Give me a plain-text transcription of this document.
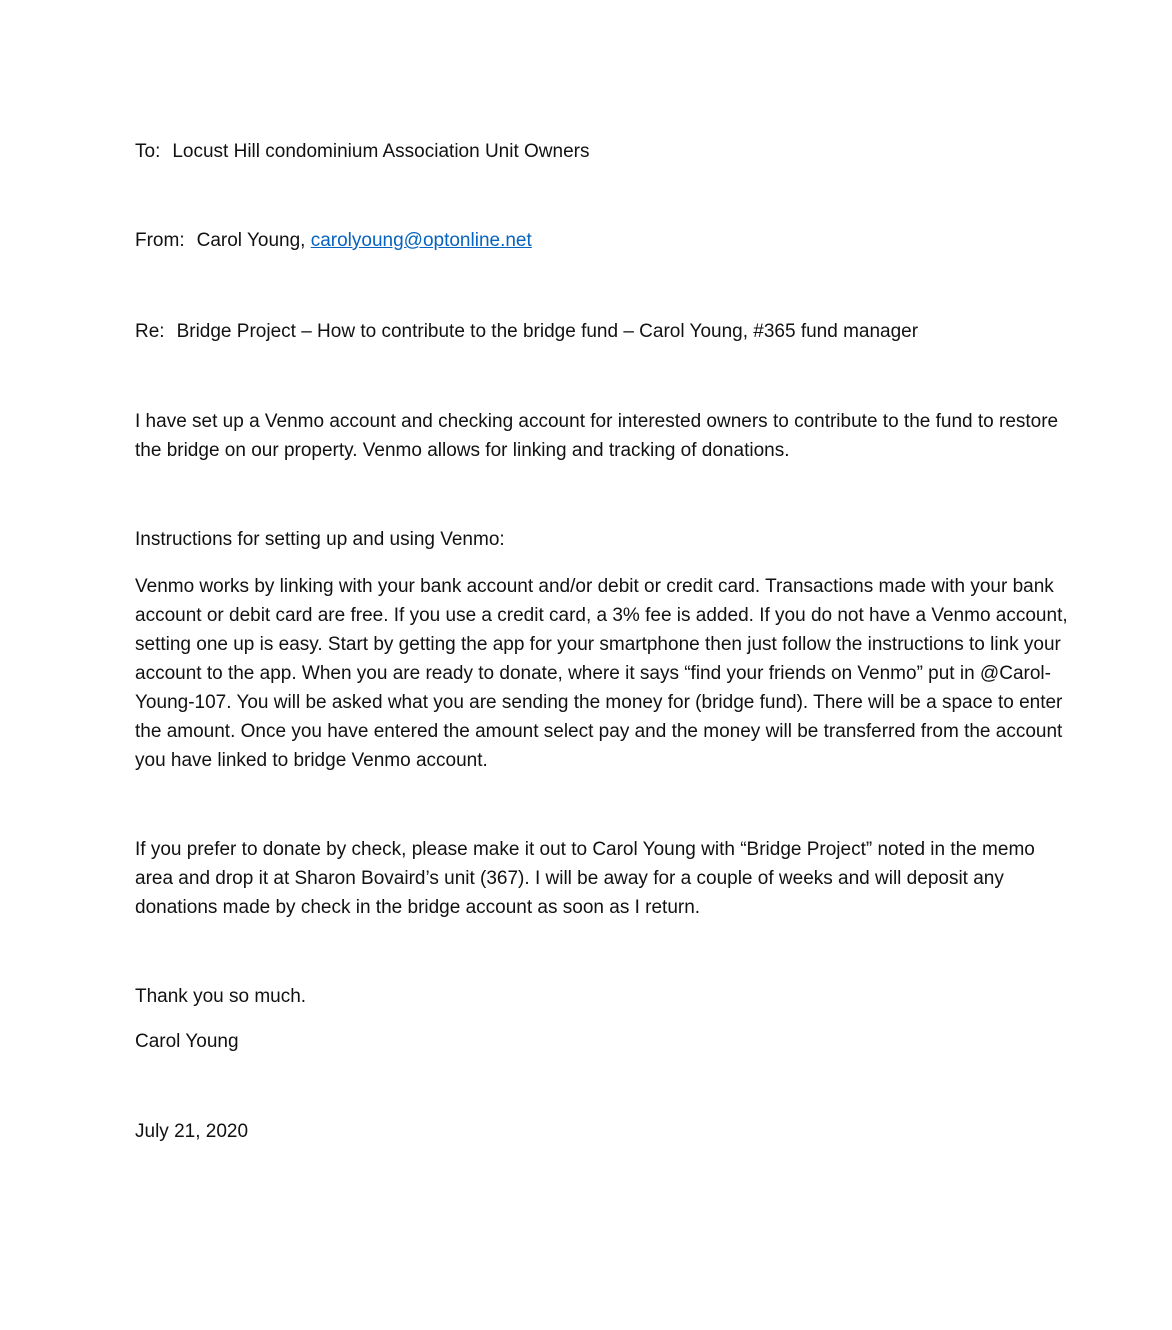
To: Locust Hill condominium Association Unit Owners
From: Carol Young, carolyoung@optonline.net
Re: Bridge Project – How to contribute to the bridge fund – Carol Young, #365 fund manager

I have set up a Venmo account and checking account for interested owners to contribute to the fund to restore the bridge on our property. Venmo allows for linking and tracking of donations.

Instructions for setting up and using Venmo:

Venmo works by linking with your bank account and/or debit or credit card. Transactions made with your bank account or debit card are free. If you use a credit card, a 3% fee is added. If you do not have a Venmo account, setting one up is easy. Start by getting the app for your smartphone then just follow the instructions to link your account to the app. When you are ready to donate, where it says “find your friends on Venmo” put in @Carol-Young-107. You will be asked what you are sending the money for (bridge fund). There will be a space to enter the amount. Once you have entered the amount select pay and the money will be transferred from the account you have linked to bridge Venmo account.

If you prefer to donate by check, please make it out to Carol Young with “Bridge Project” noted in the memo area and drop it at Sharon Bovaird’s unit (367). I will be away for a couple of weeks and will deposit any donations made by check in the bridge account as soon as I return.

Thank you so much.
Carol Young
July 21, 2020
